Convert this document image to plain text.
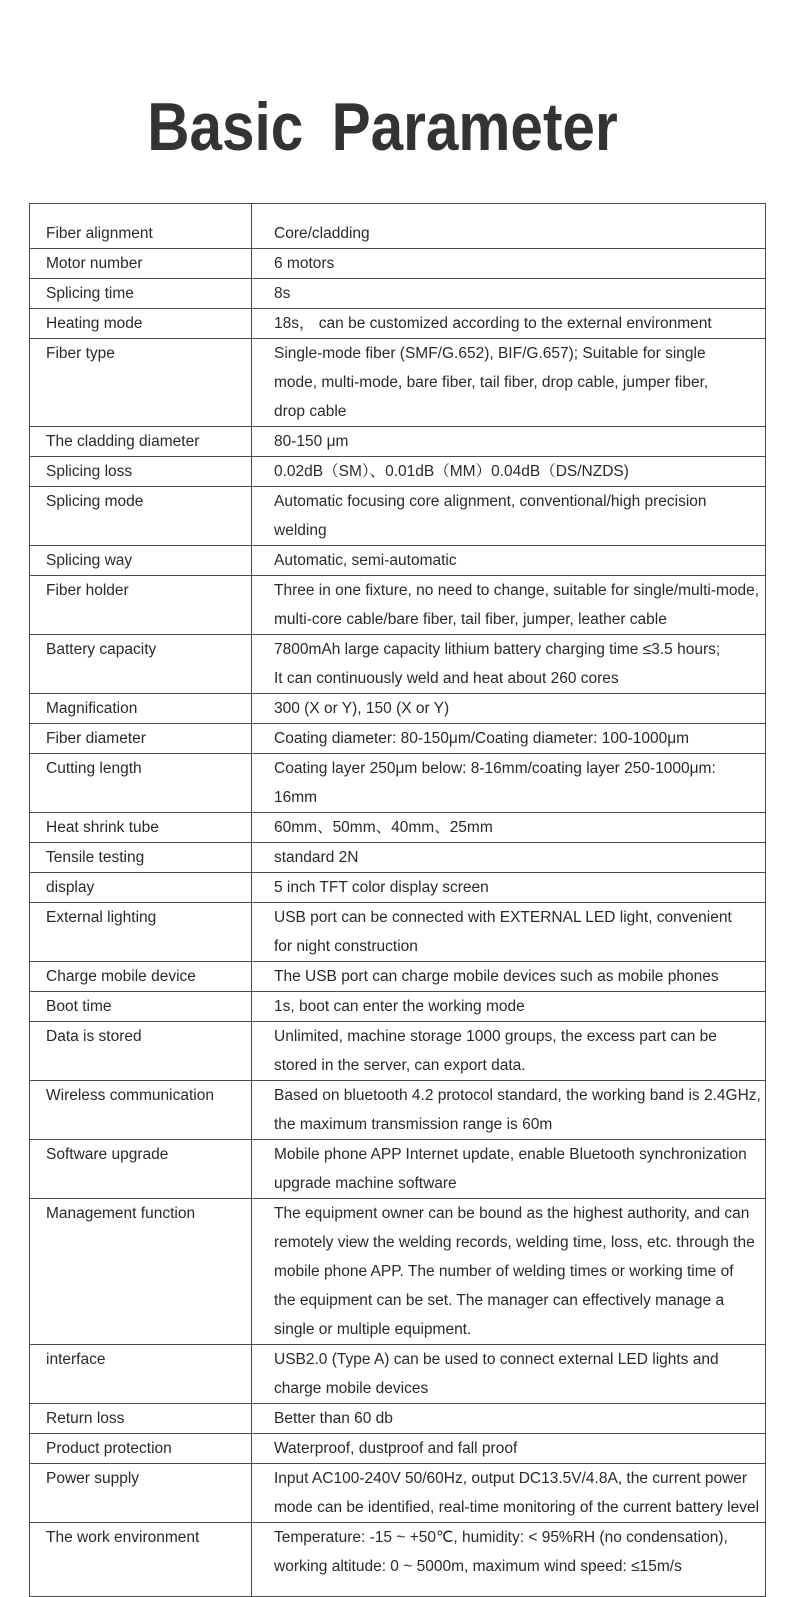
Basic Parameter
Fiber alignment	Core/cladding
Motor number	6 motors
Splicing time	8s
Heating mode	18s， can be customized according to the external environment
Fiber type	Single-mode fiber (SMF/G.652), BIF/G.657); Suitable for single
mode, multi-mode, bare fiber, tail fiber, drop cable, jumper fiber,
drop cable
The cladding diameter	80-150 μm
Splicing loss	0.02dB（SM）、0.01dB（MM）0.04dB（DS/NZDS)
Splicing mode	Automatic focusing core alignment, conventional/high precision welding
Splicing way	Automatic, semi-automatic
Fiber holder	Three in one fixture, no need to change, suitable for single/multi-mode,
multi-core cable/bare fiber, tail fiber, jumper, leather cable
Battery capacity	7800mAh large capacity lithium battery charging time ≤3.5 hours;
It can continuously weld and heat about 260 cores
Magnification	300 (X or Y), 150 (X or Y)
Fiber diameter	Coating diameter: 80-150μm/Coating diameter: 100-1000μm
Cutting length	Coating layer 250μm below: 8-16mm/coating layer 250-1000μm: 16mm
Heat shrink tube	60mm、50mm、40mm、25mm
Tensile testing	standard 2N
display	5 inch TFT color display screen
External lighting	USB port can be connected with EXTERNAL LED light, convenient
for night construction
Charge mobile device	The USB port can charge mobile devices such as mobile phones
Boot time	1s, boot can enter the working mode
Data is stored	Unlimited, machine storage 1000 groups, the excess part can be
stored in the server, can export data.
Wireless communication	Based on bluetooth 4.2 protocol standard, the working band is 2.4GHz,
the maximum transmission range is 60m
Software upgrade	Mobile phone APP Internet update, enable Bluetooth synchronization
upgrade machine software
Management function	The equipment owner can be bound as the highest authority, and can
remotely view the welding records, welding time, loss, etc. through the
mobile phone APP. The number of welding times or working time of
the equipment can be set. The manager can effectively manage a
single or multiple equipment.
interface	USB2.0 (Type A) can be used to connect external LED lights and
charge mobile devices
Return loss	Better than 60 db
Product protection	Waterproof, dustproof and fall proof
Power supply	Input AC100-240V 50/60Hz, output DC13.5V/4.8A, the current power
mode can be identified, real-time monitoring of the current battery level
The work environment	Temperature: -15 ~ +50℃, humidity: < 95%RH (no condensation),
working altitude: 0 ~ 5000m, maximum wind speed: ≤15m/s
